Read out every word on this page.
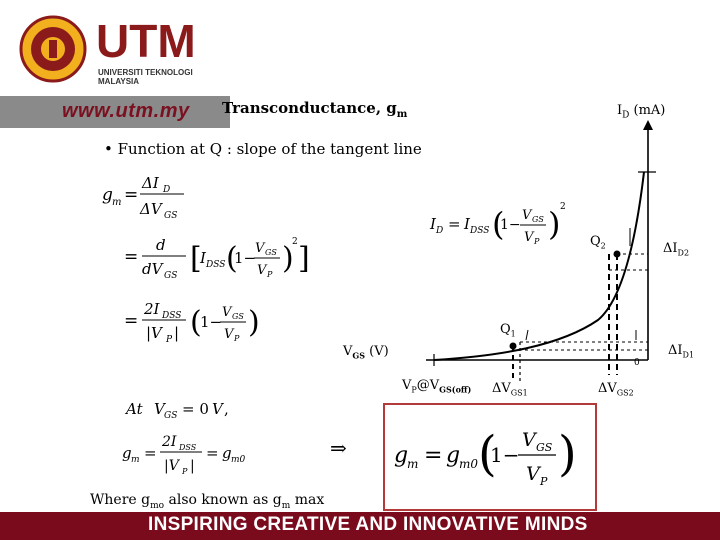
UTM
UNIVERSITI TEKNOLOGI MALAYSIA
www.utm.my Transconductance, $g_m$	$I_D$ (mA)
• Function at Q : slope of the tangent line
g m =
ΔI D
ΔV GS
=
d
dV GS [
I DSS (
1−
V GS
V P )
2 ]
=
2I DSS
|V P | (
1−
V GS
V P )
I D = I DSS (
1−
V GS
V P ) 2
$Q_2$	$\Delta I_{D2}$
$Q_1$
$V_{GS}$ (V)	$\Delta I_{D1}$
0
$V_P@V_{GS(off)}$ $\Delta V_{GS1}$	$\Delta V_{GS2}$
At V GS = 0 V ,
g m =
2I DSS
|V P |
= g m0	⇒ g
m = g
m0 (
1−
V GS
V P )
Where $g_{mo}$ also known as $g_m$ max
INSPIRING CREATIVE AND INNOVATIVE MINDS
